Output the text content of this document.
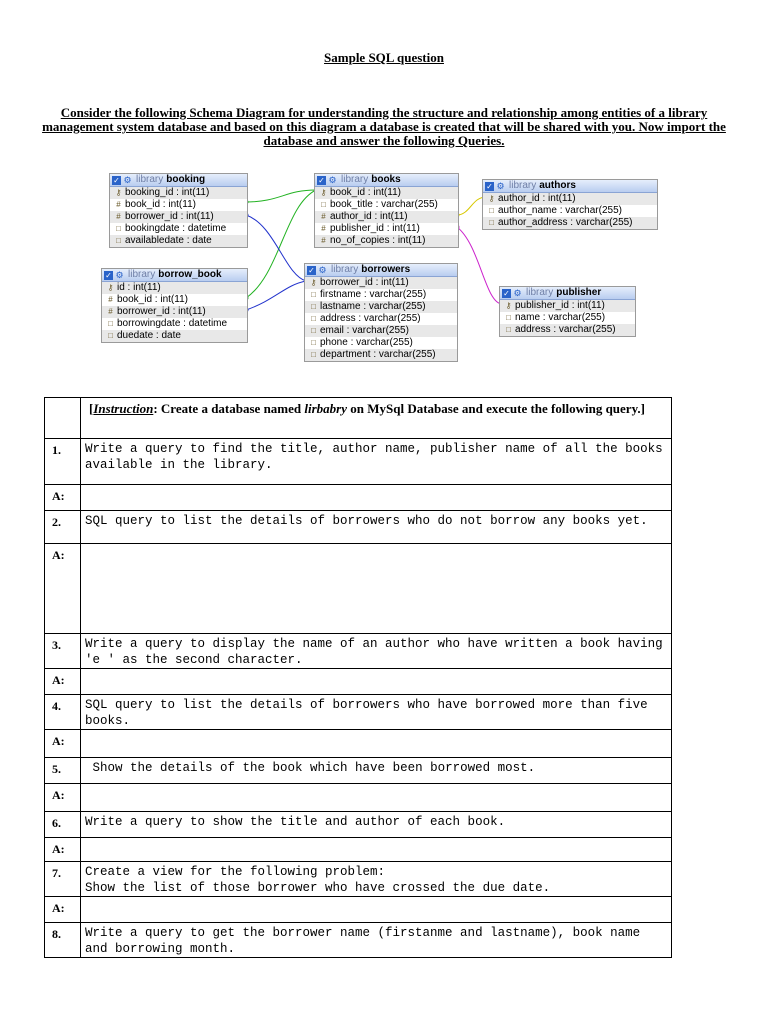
Sample SQL question
Consider the following Schema Diagram for understanding the structure and relationship among entities of a library management system database and based on this diagram a database is created that will be shared with you. Now import the database and answer the following Queries.
✓ ⚙ library booking
⚷ booking_id : int(11)
# book_id : int(11)
# borrower_id : int(11)
□ bookingdate : datetime
□ availabledate : date
✓ ⚙ library books
⚷ book_id : int(11)
□ book_title : varchar(255)
# author_id : int(11)
# publisher_id : int(11)
# no_of_copies : int(11)
✓ ⚙ library authors
⚷ author_id : int(11)
□ author_name : varchar(255)
□ author_address : varchar(255)
✓ ⚙ library borrow_book
⚷ id : int(11)
# book_id : int(11)
# borrower_id : int(11)
□ borrowingdate : datetime
□ duedate : date
✓ ⚙ library borrowers
⚷ borrower_id : int(11)
□ firstname : varchar(255)
□ lastname : varchar(255)
□ address : varchar(255)
□ email : varchar(255)
□ phone : varchar(255)
□ department : varchar(255)
✓ ⚙ library publisher
⚷ publisher_id : int(11)
□ name : varchar(255)
□ address : varchar(255)

	[Instruction: Create a database named lirbabry on MySql Database and execute the following query.]

1.	Write a query to find the title, author name, publisher name of all the books available in the library.
A:	
2.	SQL query to list the details of borrowers who do not borrow any books yet.
A:	
3.	Write a query to display the name of an author who have written a book having 'e ' as the second character.
A:	
4.	SQL query to list the details of borrowers who have borrowed more than five books.
A:	
5.	Show the details of the book which have been borrowed most.
A:	
6.	Write a query to show the title and author of each book.
A:	
7.	Create a view for the following problem:
Show the list of those borrower who have crossed the due date.
A:	
8.	Write a query to get the borrower name (firstanme and lastname), book name and borrowing month.
